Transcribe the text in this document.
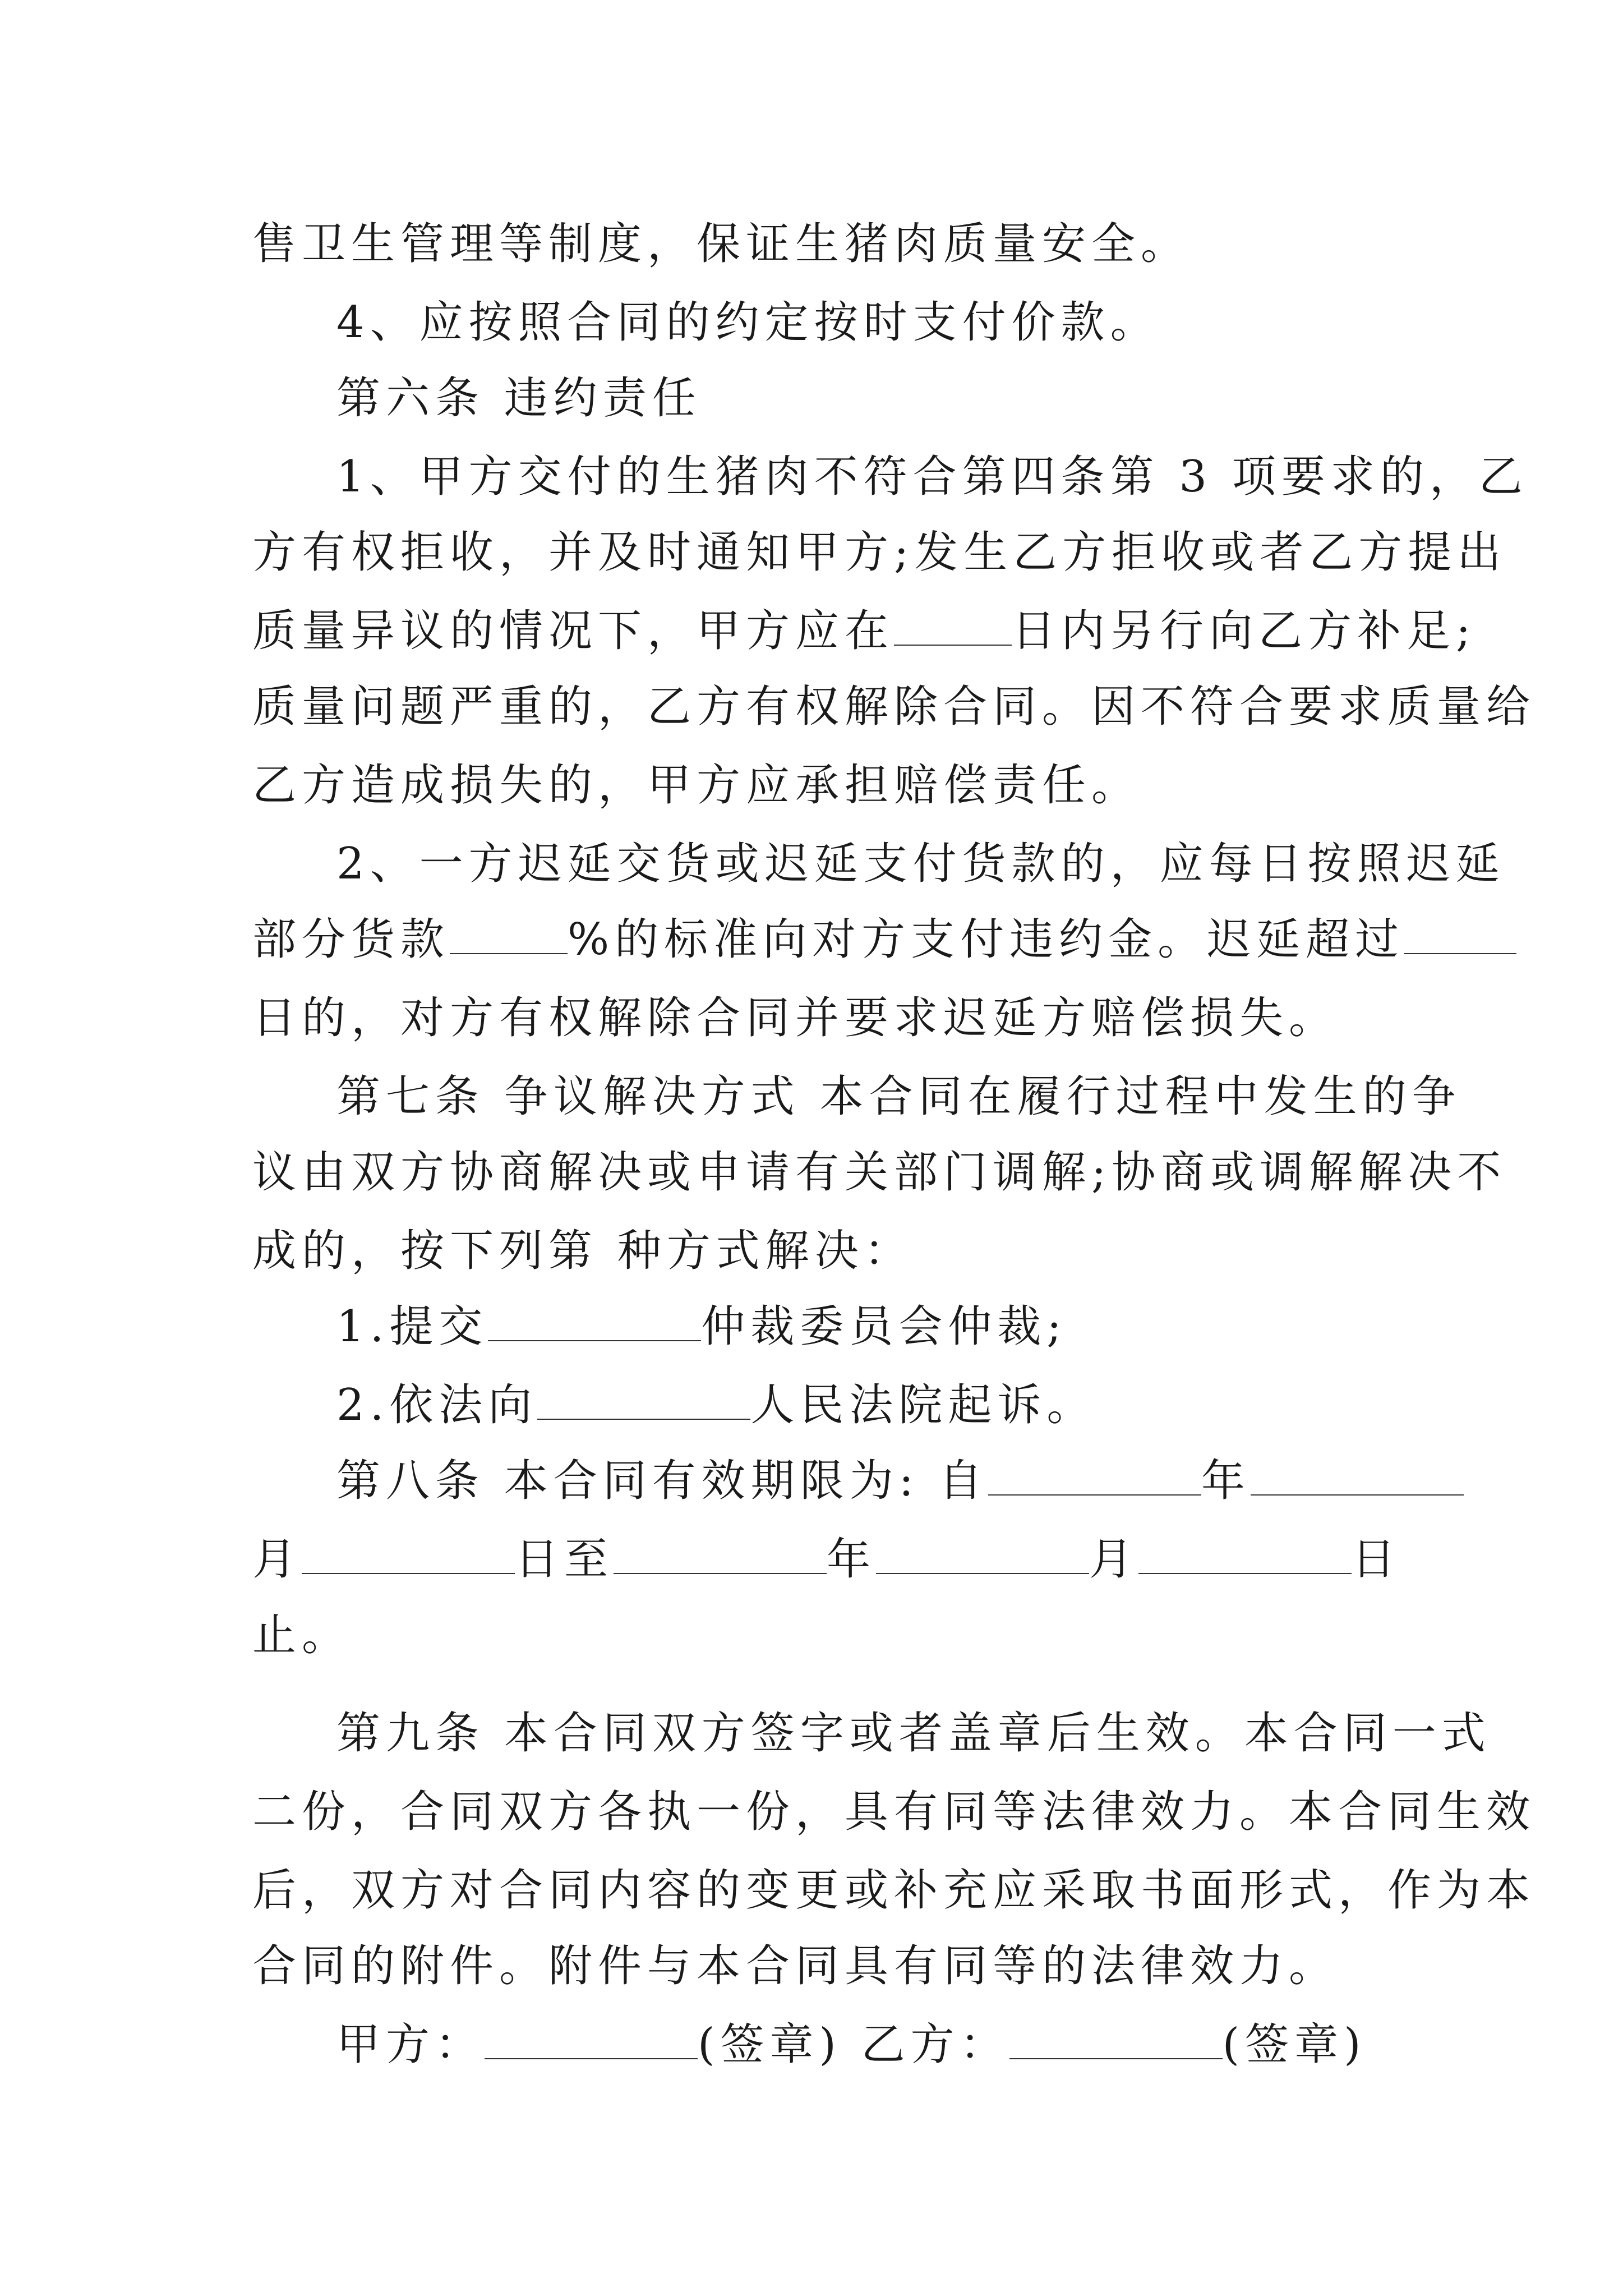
售卫生管理等制度，保证生猪肉质量安全。
4、应按照合同的约定按时支付价款。
第六条 违约责任
1、甲方交付的生猪肉不符合第四条第 3 项要求的，乙
方有权拒收，并及时通知甲方;发生乙方拒收或者乙方提出
质量异议的情况下，甲方应在	日内另行向乙方补足;
质量问题严重的，乙方有权解除合同。因不符合要求质量给
乙方造成损失的，甲方应承担赔偿责任。
2、一方迟延交货或迟延支付货款的，应每日按照迟延
部分货款	%的标准向对方支付违约金。迟延超过
日的，对方有权解除合同并要求迟延方赔偿损失。
第七条 争议解决方式 本合同在履行过程中发生的争
议由双方协商解决或申请有关部门调解;协商或调解解决不
成的，按下列第 种方式解决：
1.提交	仲裁委员会仲裁;
2.依法向	人民法院起诉。
第八条 本合同有效期限为: 自	年
月	日至	年	月	日
止。
第九条 本合同双方签字或者盖章后生效。本合同一式
二份，合同双方各执一份，具有同等法律效力。本合同生效
后，双方对合同内容的变更或补充应采取书面形式，作为本
合同的附件。附件与本合同具有同等的法律效力。
甲方：	(签章) 乙方：	(签章)
